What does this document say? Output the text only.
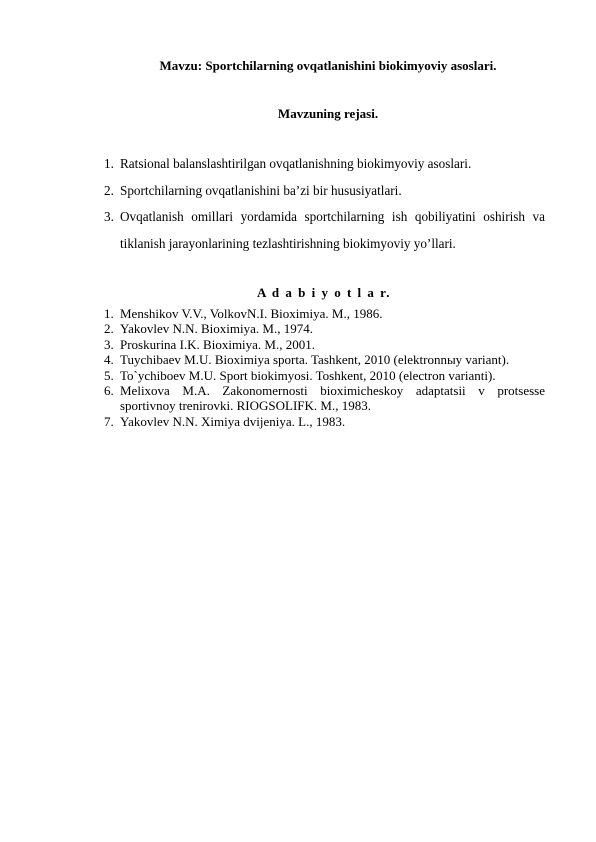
Mavzu: Sportchilarning ovqatlanishini biokimyoviy asoslari.
Mavzuning rejasi.
1. Ratsional balanslashtirilgan ovqatlanishning biokimyoviy asoslari.
2. Sportchilarning ovqatlanishini ba’zi bir hususiyatlari.
3. Ovqatlanish omillari yordamida sportchilarning ish qobiliyatini oshirish va tiklanish jarayonlarining tezlashtirishning biokimyoviy yo’llari.
A d a b i y o t l a r.
1. Menshikov V.V., VolkovN.I. Bioximiya. M., 1986.
2. Yakovlev N.N. Bioximiya. M., 1974.
3. Proskurina I.K. Bioximiya. M., 2001.
4. Tuychibaev M.U. Bioximiya sporta. Tashkent, 2010 (elektronnыy variant).
5. To`ychiboev M.U. Sport biokimyosi. Toshkent, 2010 (electron varianti).
6. Melixova M.A. Zakonomernosti bioximicheskoy adaptatsii v protsesse sportivnoy trenirovki. RIOGSOLIFK. M., 1983.
7. Yakovlev N.N. Ximiya dvijeniya. L., 1983.
